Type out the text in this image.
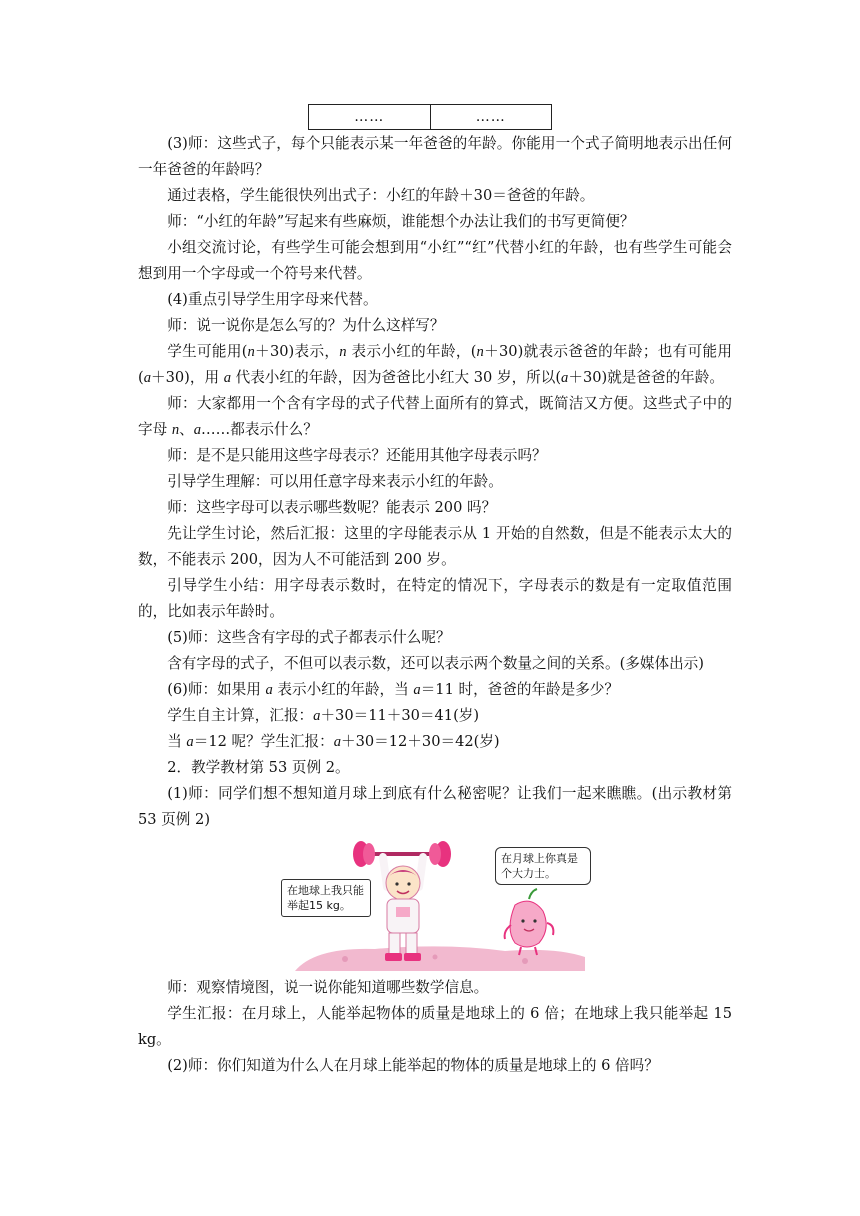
……	……

(3)师：这些式子，每个只能表示某一年爸爸的年龄。你能用一个式子简明地表示出任何一年爸爸的年龄吗？

通过表格，学生能很快列出式子：小红的年龄＋30＝爸爸的年龄。

师：“小红的年龄”写起来有些麻烦，谁能想个办法让我们的书写更简便？

小组交流讨论，有些学生可能会想到用“小红”“红”代替小红的年龄，也有些学生可能会想到用一个字母或一个符号来代替。

(4)重点引导学生用字母来代替。

师：说一说你是怎么写的？为什么这样写？

学生可能用(n＋30)表示，n 表示小红的年龄，(n＋30)就表示爸爸的年龄；也有可能用(a＋30)，用 a 代表小红的年龄，因为爸爸比小红大 30 岁，所以(a＋30)就是爸爸的年龄。

师：大家都用一个含有字母的式子代替上面所有的算式，既简洁又方便。这些式子中的字母 n、a……都表示什么？

师：是不是只能用这些字母表示？还能用其他字母表示吗？

引导学生理解：可以用任意字母来表示小红的年龄。

师：这些字母可以表示哪些数呢？能表示 200 吗？

先让学生讨论，然后汇报：这里的字母能表示从 1 开始的自然数，但是不能表示太大的数，不能表示 200，因为人不可能活到 200 岁。

引导学生小结：用字母表示数时，在特定的情况下，字母表示的数是有一定取值范围的，比如表示年龄时。

(5)师：这些含有字母的式子都表示什么呢？

含有字母的式子，不但可以表示数，还可以表示两个数量之间的关系。(多媒体出示)

(6)师：如果用 a 表示小红的年龄，当 a＝11 时，爸爸的年龄是多少？

学生自主计算，汇报：a＋30＝11＋30＝41(岁)

当 a＝12 呢？学生汇报：a＋30＝12＋30＝42(岁)

2．教学教材第 53 页例 2。

(1)师：同学们想不想知道月球上到底有什么秘密呢？让我们一起来瞧瞧。(出示教材第 53 页例 2)

在地球上我只能举起15 kg。
在月球上你真是个大力士。

师：观察情境图，说一说你能知道哪些数学信息。

学生汇报：在月球上，人能举起物体的质量是地球上的 6 倍；在地球上我只能举起 15 kg。

(2)师：你们知道为什么人在月球上能举起的物体的质量是地球上的 6 倍吗？
